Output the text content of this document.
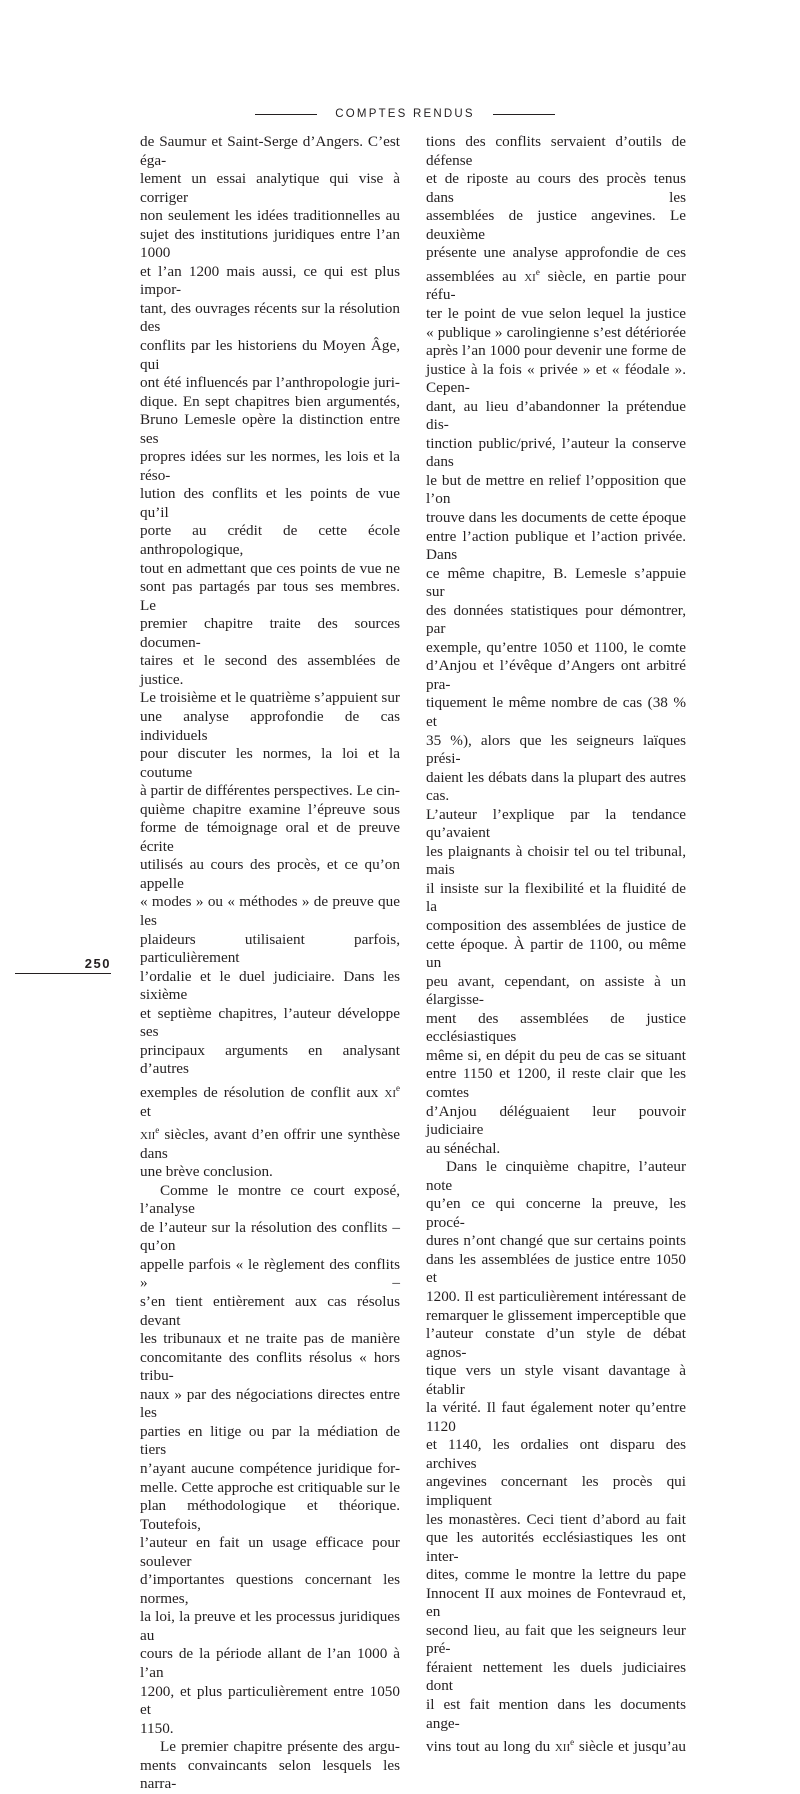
COMPTES RENDUS

de Saumur et Saint-Serge d’Angers. C’est éga-
lement un essai analytique qui vise à corriger
non seulement les idées traditionnelles au
sujet des institutions juridiques entre l’an 1000
et l’an 1200 mais aussi, ce qui est plus impor-
tant, des ouvrages récents sur la résolution des
conflits par les historiens du Moyen Âge, qui
ont été influencés par l’anthropologie juri-
dique. En sept chapitres bien argumentés,
Bruno Lemesle opère la distinction entre ses
propres idées sur les normes, les lois et la réso-
lution des conflits et les points de vue qu’il
porte au crédit de cette école anthropologique,
tout en admettant que ces points de vue ne
sont pas partagés par tous ses membres. Le
premier chapitre traite des sources documen-
taires et le second des assemblées de justice.
Le troisième et le quatrième s’appuient sur
une analyse approfondie de cas individuels
pour discuter les normes, la loi et la coutume
à partir de différentes perspectives. Le cin-
quième chapitre examine l’épreuve sous
forme de témoignage oral et de preuve écrite
utilisés au cours des procès, et ce qu’on appelle
« modes » ou « méthodes » de preuve que les
plaideurs utilisaient parfois, particulièrement
l’ordalie et le duel judiciaire. Dans les sixième
et septième chapitres, l’auteur développe ses
principaux arguments en analysant d’autres
exemples de résolution de conflit aux $xi^e$ et
xii$^e$ siècles, avant d’en offrir une synthèse dans
une brève conclusion.

Comme le montre ce court exposé, l’analyse
de l’auteur sur la résolution des conflits – qu’on
appelle parfois « le règlement des conflits » –
s’en tient entièrement aux cas résolus devant
les tribunaux et ne traite pas de manière
concomitante des conflits résolus « hors tribu-
naux » par des négociations directes entre les
parties en litige ou par la médiation de tiers
n’ayant aucune compétence juridique for-
melle. Cette approche est critiquable sur le
plan méthodologique et théorique. Toutefois,
l’auteur en fait un usage efficace pour soulever
d’importantes questions concernant les normes,
la loi, la preuve et les processus juridiques au
cours de la période allant de l’an 1000 à l’an
1200, et plus particulièrement entre 1050 et
1150.

Le premier chapitre présente des argu-
ments convaincants selon lesquels les narra-

tions des conflits servaient d’outils de défense
et de riposte au cours des procès tenus dans les
assemblées de justice angevines. Le deuxième
présente une analyse approfondie de ces
assemblées au $xi^e$ siècle, en partie pour réfu-
ter le point de vue selon lequel la justice
« publique » carolingienne s’est détériorée
après l’an 1000 pour devenir une forme de
justice à la fois « privée » et « féodale ». Cepen-
dant, au lieu d’abandonner la prétendue dis-
tinction public/privé, l’auteur la conserve dans
le but de mettre en relief l’opposition que l’on
trouve dans les documents de cette époque
entre l’action publique et l’action privée. Dans
ce même chapitre, B. Lemesle s’appuie sur
des données statistiques pour démontrer, par
exemple, qu’entre 1050 et 1100, le comte
d’Anjou et l’évêque d’Angers ont arbitré pra-
tiquement le même nombre de cas (38 % et
35 %), alors que les seigneurs laïques prési-
daient les débats dans la plupart des autres cas.
L’auteur l’explique par la tendance qu’avaient
les plaignants à choisir tel ou tel tribunal, mais
il insiste sur la flexibilité et la fluidité de la
composition des assemblées de justice de
cette époque. À partir de 1100, ou même un
peu avant, cependant, on assiste à un élargisse-
ment des assemblées de justice ecclésiastiques
même si, en dépit du peu de cas se situant
entre 1150 et 1200, il reste clair que les comtes
d’Anjou déléguaient leur pouvoir judiciaire
au sénéchal.

Dans le cinquième chapitre, l’auteur note
qu’en ce qui concerne la preuve, les procé-
dures n’ont changé que sur certains points
dans les assemblées de justice entre 1050 et
1200. Il est particulièrement intéressant de
remarquer le glissement imperceptible que
l’auteur constate d’un style de débat agnos-
tique vers un style visant davantage à établir
la vérité. Il faut également noter qu’entre 1120
et 1140, les ordalies ont disparu des archives
angevines concernant les procès qui impliquent
les monastères. Ceci tient d’abord au fait
que les autorités ecclésiastiques les ont inter-
dites, comme le montre la lettre du pape
Innocent II aux moines de Fontevraud et, en
second lieu, au fait que les seigneurs leur pré-
féraient nettement les duels judiciaires dont
il est fait mention dans les documents ange-
vins tout au long du xii$^e$ siècle et jusqu’au

250
